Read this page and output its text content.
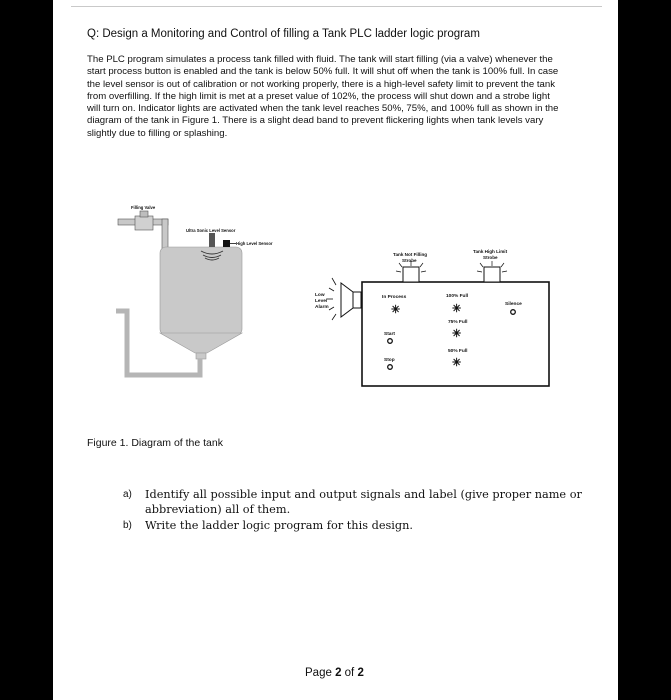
Q: Design a Monitoring and Control of filling a Tank PLC ladder logic program

The PLC program simulates a process tank filled with fluid. The tank will start filling (via a valve) whenever the start process button is enabled and the tank is below 50% full. It will shut off when the tank is 100% full. In case the level sensor is out of calibration or not working properly, there is a high-level safety limit to prevent the tank from overfilling. If the high limit is met at a preset value of 102%, the process will shut down and a strobe light will turn on. Indicator lights are activated when the tank level reaches 50%, 75%, and 100% full as shown in the diagram of the tank in Figure 1. There is a slight dead band to prevent flickering lights when tank levels vary slightly due to filling or splashing.

Filling Valve
Ultra Sonic Level Sensor
High Level Sensor
Low
Level
Alarm
Tank Not Filling
Strobe
Tank High Limit
Strobe
In Process
✳
100% Full
✳	Silence
75% Full
✳
Start
50% Full
✳
Stop
Figure 1. Diagram of the tank
a) Identify all possible input and output signals and label (give proper name or abbreviation) all of them.
b) Write the ladder logic program for this design.
Page 2 of 2
